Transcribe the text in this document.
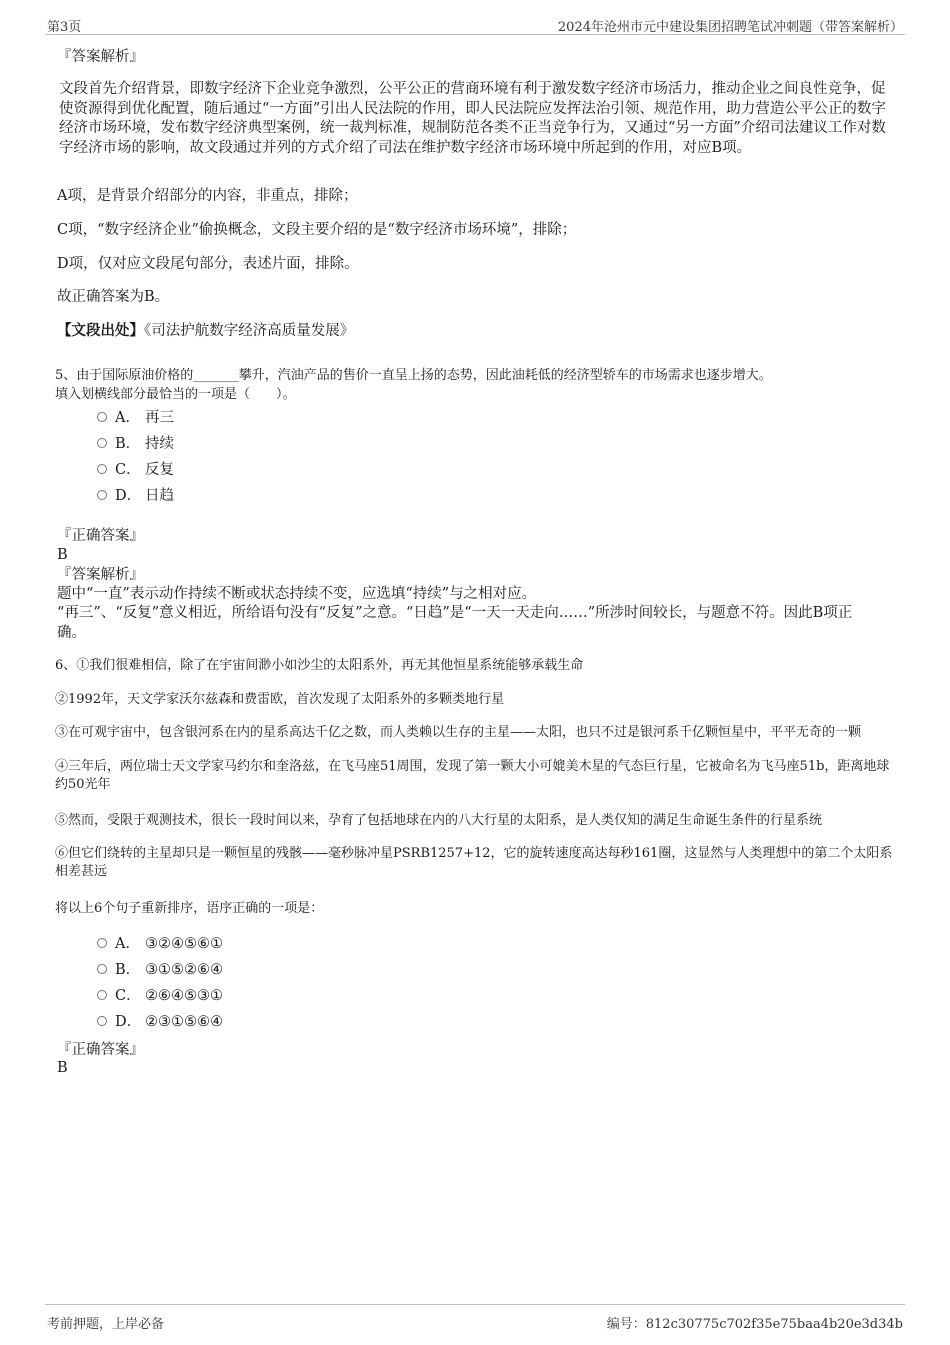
第3页	2024年沧州市元中建设集团招聘笔试冲刺题（带答案解析）
『答案解析』
文段首先介绍背景，即数字经济下企业竞争激烈，公平公正的营商环境有利于激发数字经济市场活力，推动企业之间良性竞争，促使资源得到优化配置，随后通过“一方面”引出人民法院的作用，即人民法院应发挥法治引领、规范作用，助力营造公平公正的数字经济市场环境，发布数字经济典型案例，统一裁判标准，规制防范各类不正当竞争行为，又通过“另一方面”介绍司法建议工作对数字经济市场的影响，故文段通过并列的方式介绍了司法在维护数字经济市场环境中所起到的作用，对应B项。
A项，是背景介绍部分的内容，非重点，排除；
C项，“数字经济企业”偷换概念，文段主要介绍的是“数字经济市场环境”，排除；
D项，仅对应文段尾句部分，表述片面，排除。
故正确答案为B。
【文段出处】《司法护航数字经济高质量发展》
5、由于国际原油价格的_______攀升，汽油产品的售价一直呈上扬的态势，因此油耗低的经济型轿车的市场需求也逐步增大。
填入划横线部分最恰当的一项是（　　）。
A． 再三
B． 持续
C． 反复
D． 日趋
『正确答案』
B
『答案解析』
题中“一直”表示动作持续不断或状态持续不变，应选填“持续”与之相对应。
“再三”、“反复”意义相近，所给语句没有“反复”之意。“日趋”是“一天一天走向……”所涉时间较长，与题意不符。因此B项正确。
6、①我们很难相信，除了在宇宙间渺小如沙尘的太阳系外，再无其他恒星系统能够承载生命
②1992年，天文学家沃尔兹森和费雷欧，首次发现了太阳系外的多颗类地行星
③在可观宇宙中，包含银河系在内的星系高达千亿之数，而人类赖以生存的主星——太阳，也只不过是银河系千亿颗恒星中，平平无奇的一颗
④三年后，两位瑞士天文学家马约尔和奎洛兹，在飞马座51周围，发现了第一颗大小可媲美木星的气态巨行星，它被命名为飞马座51b，距离地球约50光年
⑤然而，受限于观测技术，很长一段时间以来，孕育了包括地球在内的八大行星的太阳系，是人类仅知的满足生命诞生条件的行星系统
⑥但它们绕转的主星却只是一颗恒星的残骸——毫秒脉冲星PSRB1257+12，它的旋转速度高达每秒161圈，这显然与人类理想中的第二个太阳系相差甚远
将以上6个句子重新排序，语序正确的一项是：
A． ③②④⑤⑥①
B． ③①⑤②⑥④
C． ②⑥④⑤③①
D． ②③①⑤⑥④
『正确答案』
B
考前押题，上岸必备	编号：812c30775c702f35e75baa4b20e3d34b
